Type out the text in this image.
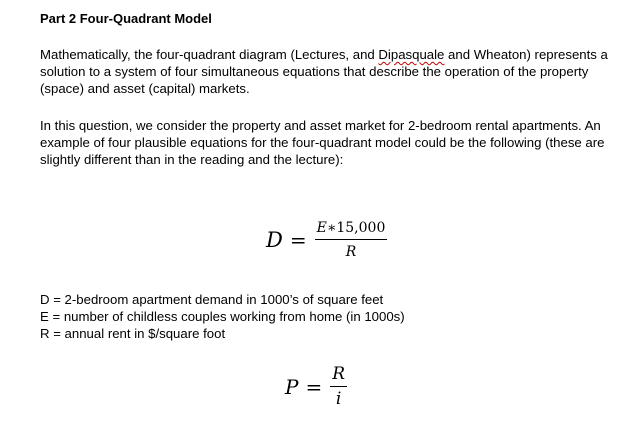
Part 2 Four-Quadrant Model

Mathematically, the four-quadrant diagram (Lectures, and Dipasquale and Wheaton) represents a solution to a system of four simultaneous equations that describe the operation of the property (space) and asset (capital) markets.

In this question, we consider the property and asset market for 2-bedroom rental apartments. An example of four plausible equations for the four-quadrant model could be the following (these are slightly different than in the reading and the lecture):

$D = \frac{E∗15,000}{R}$
D = 2-bedroom apartment demand in 1000’s of square feet
E = number of childless couples working from home (in 1000s)
R = annual rent in $/square foot
$P = \frac{R}{i}$
